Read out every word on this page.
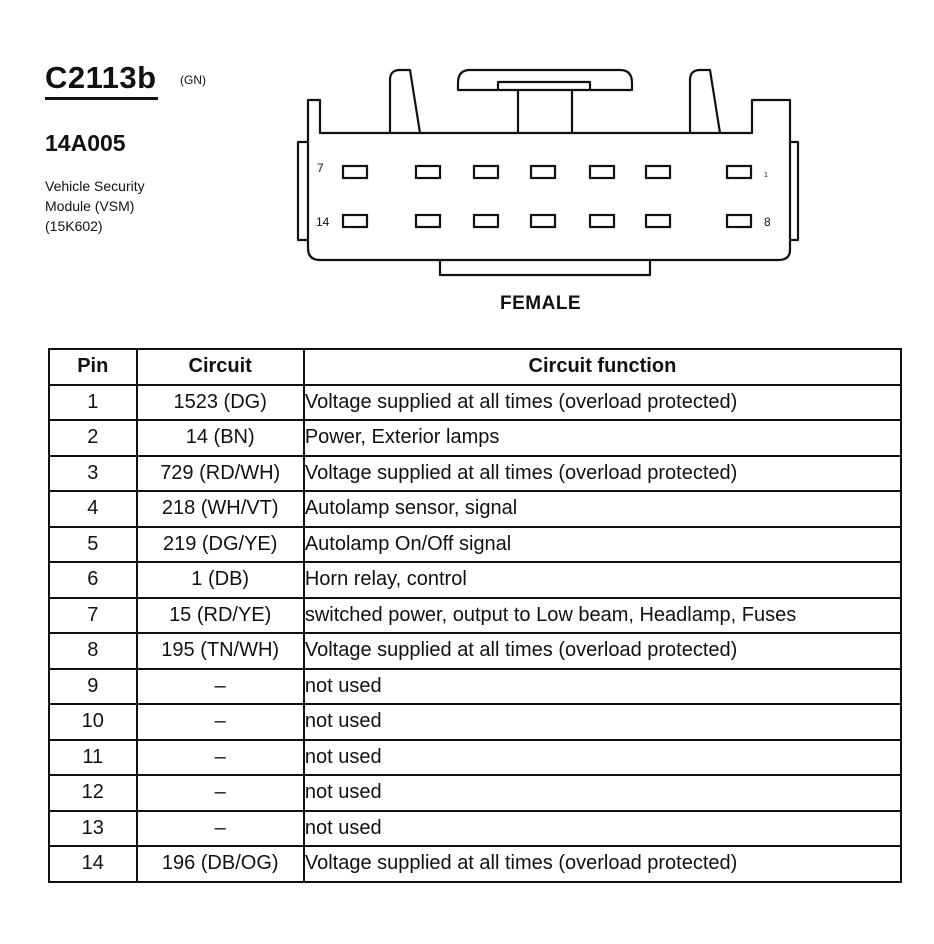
C2113b (GN)
14A005
Vehicle Security
Module (VSM)
(15K602)
7
1
14	8
FEMALE
Pin	Circuit	Circuit function
1	1523 (DG)	Voltage supplied at all times (overload protected)
2	14 (BN)	Power, Exterior lamps
3	729 (RD/WH)	Voltage supplied at all times (overload protected)
4	218 (WH/VT)	Autolamp sensor, signal
5	219 (DG/YE)	Autolamp On/Off signal
6	1 (DB)	Horn relay, control
7	15 (RD/YE)	switched power, output to Low beam, Headlamp, Fuses
8	195 (TN/WH)	Voltage supplied at all times (overload protected)
9	–	not used
10	–	not used
11	–	not used
12	–	not used
13	–	not used
14	196 (DB/OG)	Voltage supplied at all times (overload protected)
